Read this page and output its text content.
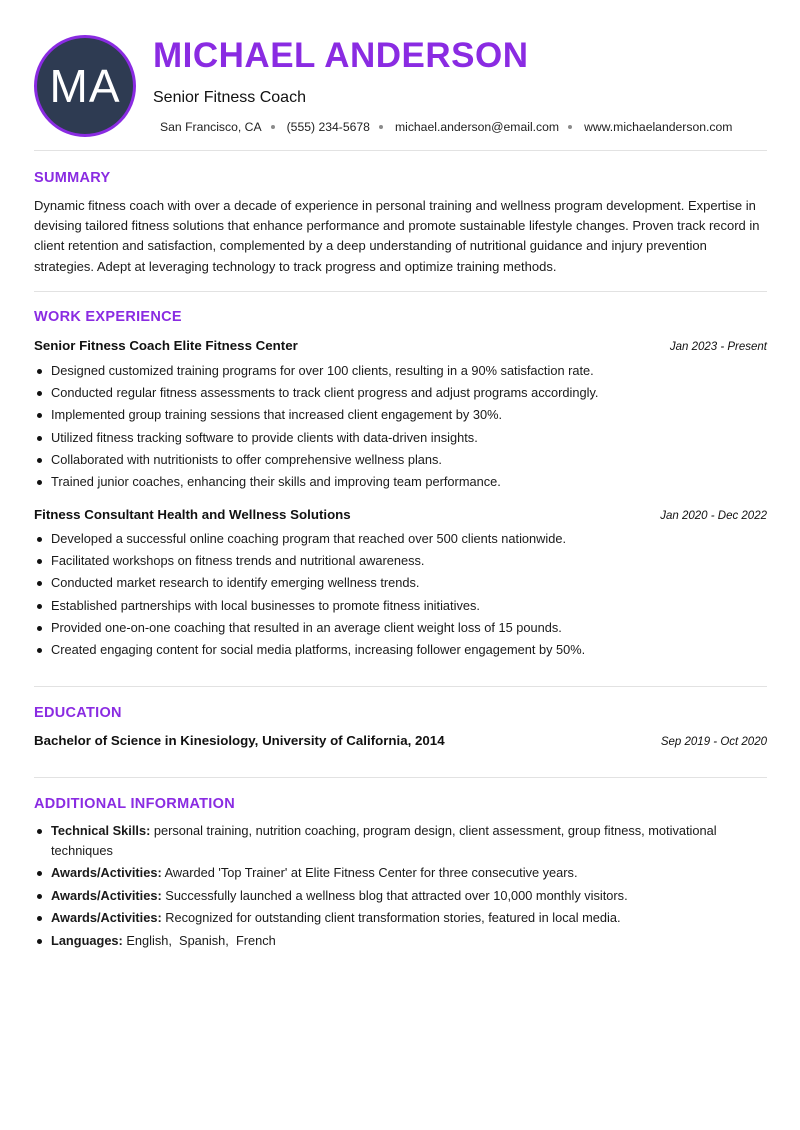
MA
MICHAEL ANDERSON
Senior Fitness Coach
San Francisco, CA (555) 234-5678 michael.anderson@email.com www.michaelanderson.com
SUMMARY
Dynamic fitness coach with over a decade of experience in personal training and wellness program development. Expertise in devising tailored fitness solutions that enhance performance and promote sustainable lifestyle changes. Proven track record in client retention and satisfaction, complemented by a deep understanding of nutritional guidance and injury prevention strategies. Adept at leveraging technology to track progress and optimize training methods.
WORK EXPERIENCE
Senior Fitness Coach Elite Fitness Center	Jan 2023 - Present
Designed customized training programs for over 100 clients, resulting in a 90% satisfaction rate.
Conducted regular fitness assessments to track client progress and adjust programs accordingly.
Implemented group training sessions that increased client engagement by 30%.
Utilized fitness tracking software to provide clients with data-driven insights.
Collaborated with nutritionists to offer comprehensive wellness plans.
Trained junior coaches, enhancing their skills and improving team performance.
Fitness Consultant Health and Wellness Solutions	Jan 2020 - Dec 2022
Developed a successful online coaching program that reached over 500 clients nationwide.
Facilitated workshops on fitness trends and nutritional awareness.
Conducted market research to identify emerging wellness trends.
Established partnerships with local businesses to promote fitness initiatives.
Provided one-on-one coaching that resulted in an average client weight loss of 15 pounds.
Created engaging content for social media platforms, increasing follower engagement by 50%.
EDUCATION
Bachelor of Science in Kinesiology, University of California, 2014	Sep 2019 - Oct 2020
ADDITIONAL INFORMATION
Technical Skills: personal training, nutrition coaching, program design, client assessment, group fitness, motivational techniques
Awards/Activities: Awarded 'Top Trainer' at Elite Fitness Center for three consecutive years.
Awards/Activities: Successfully launched a wellness blog that attracted over 10,000 monthly visitors.
Awards/Activities: Recognized for outstanding client transformation stories, featured in local media.
Languages: English,  Spanish,  French
